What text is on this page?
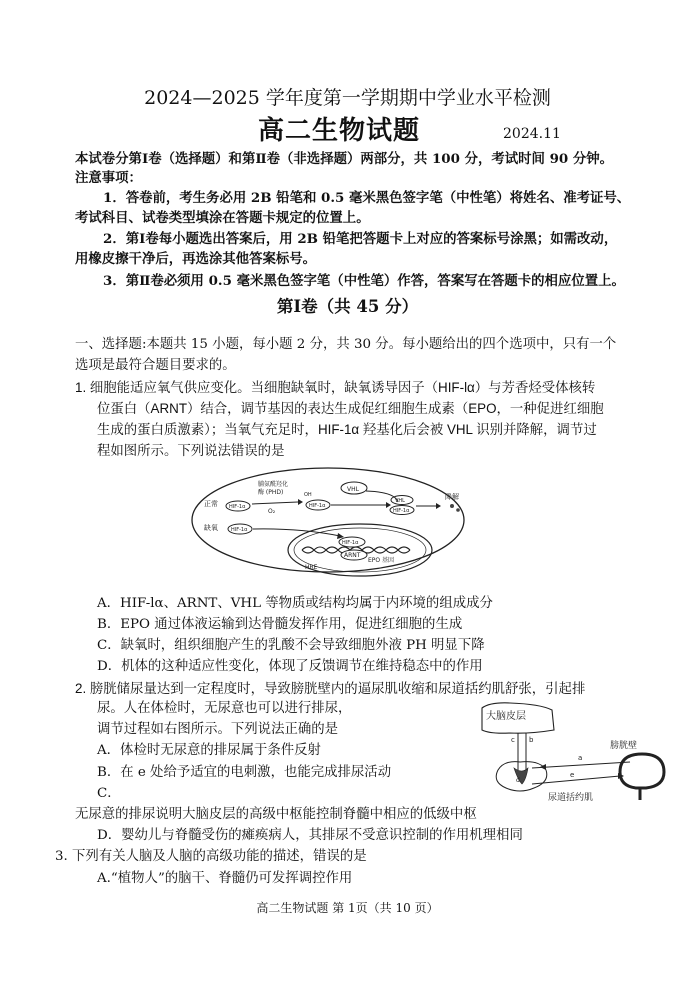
2024—2025 学年度第一学期期中学业水平检测
高二生物试题	2024.11
本试卷分第Ⅰ卷（选择题）和第Ⅱ卷（非选择题）两部分，共 100 分，考试时间 90 分钟。
注意事项：
1．答卷前，考生务必用 2B 铅笔和 0.5 毫米黑色签字笔（中性笔）将姓名、准考证号、
考试科目、试卷类型填涂在答题卡规定的位置上。
2．第Ⅰ卷每小题选出答案后，用 2B 铅笔把答题卡上对应的答案标号涂黑；如需改动，
用橡皮擦干净后，再选涂其他答案标号。
3．第Ⅱ卷必须用 0.5 毫米黑色签字笔（中性笔）作答，答案写在答题卡的相应位置上。
第Ⅰ卷（共 45 分）
一、选择题:本题共 15 小题，每小题 2 分，共 30 分。每小题给出的四个选项中，只有一个
选项是最符合题目要求的。
1. 细胞能适应氧气供应变化。当细胞缺氧时，缺氧诱导因子（HIF-lα）与芳香烃受体核转
位蛋白（ARNT）结合，调节基因的表达生成促红细胞生成素（EPO，一种促进红细胞
生成的蛋白质激素）；当氧气充足时，HIF-1α 羟基化后会被 VHL 识别并降解，调节过
程如图所示。下列说法错误的是
正常
缺氧
脯氨酰羟化
酶 (PHD)
O₂
HIF-1α
OH
HIF-1α
VHL
VHL
HIF-1α
降解
HIF-1α
HIF-1α
ARNT
HRE
EPO 基因
A．HIF-lα、ARNT、VHL 等物质或结构均属于内环境的组成成分
B．EPO 通过体液运输到达骨髓发挥作用，促进红细胞的生成
C．缺氧时，组织细胞产生的乳酸不会导致细胞外液 PH 明显下降
D．机体的这种适应性变化，体现了反馈调节在维持稳态中的作用
2. 膀胱储尿量达到一定程度时，导致膀胱壁内的逼尿肌收缩和尿道括约肌舒张，引起排
尿。人在体检时，无尿意也可以进行排尿，
调节过程如右图所示。下列说法正确的是
A．体检时无尿意的排尿属于条件反射
B．在 e 处给予适宜的电刺激，也能完成排尿活动
C．
无尿意的排尿说明大脑皮层的高级中枢能控制脊髓中相应的低级中枢
D．婴幼儿与脊髓受伤的瘫痪病人，其排尿不受意识控制的作用机理相同
大脑皮层
c b
d
a
e
膀胱壁
尿道括约肌
3. 下列有关人脑及人脑的高级功能的描述，错误的是
A.“植物人”的脑干、脊髓仍可发挥调控作用
高二生物试题 第 1页（共 10 页）
